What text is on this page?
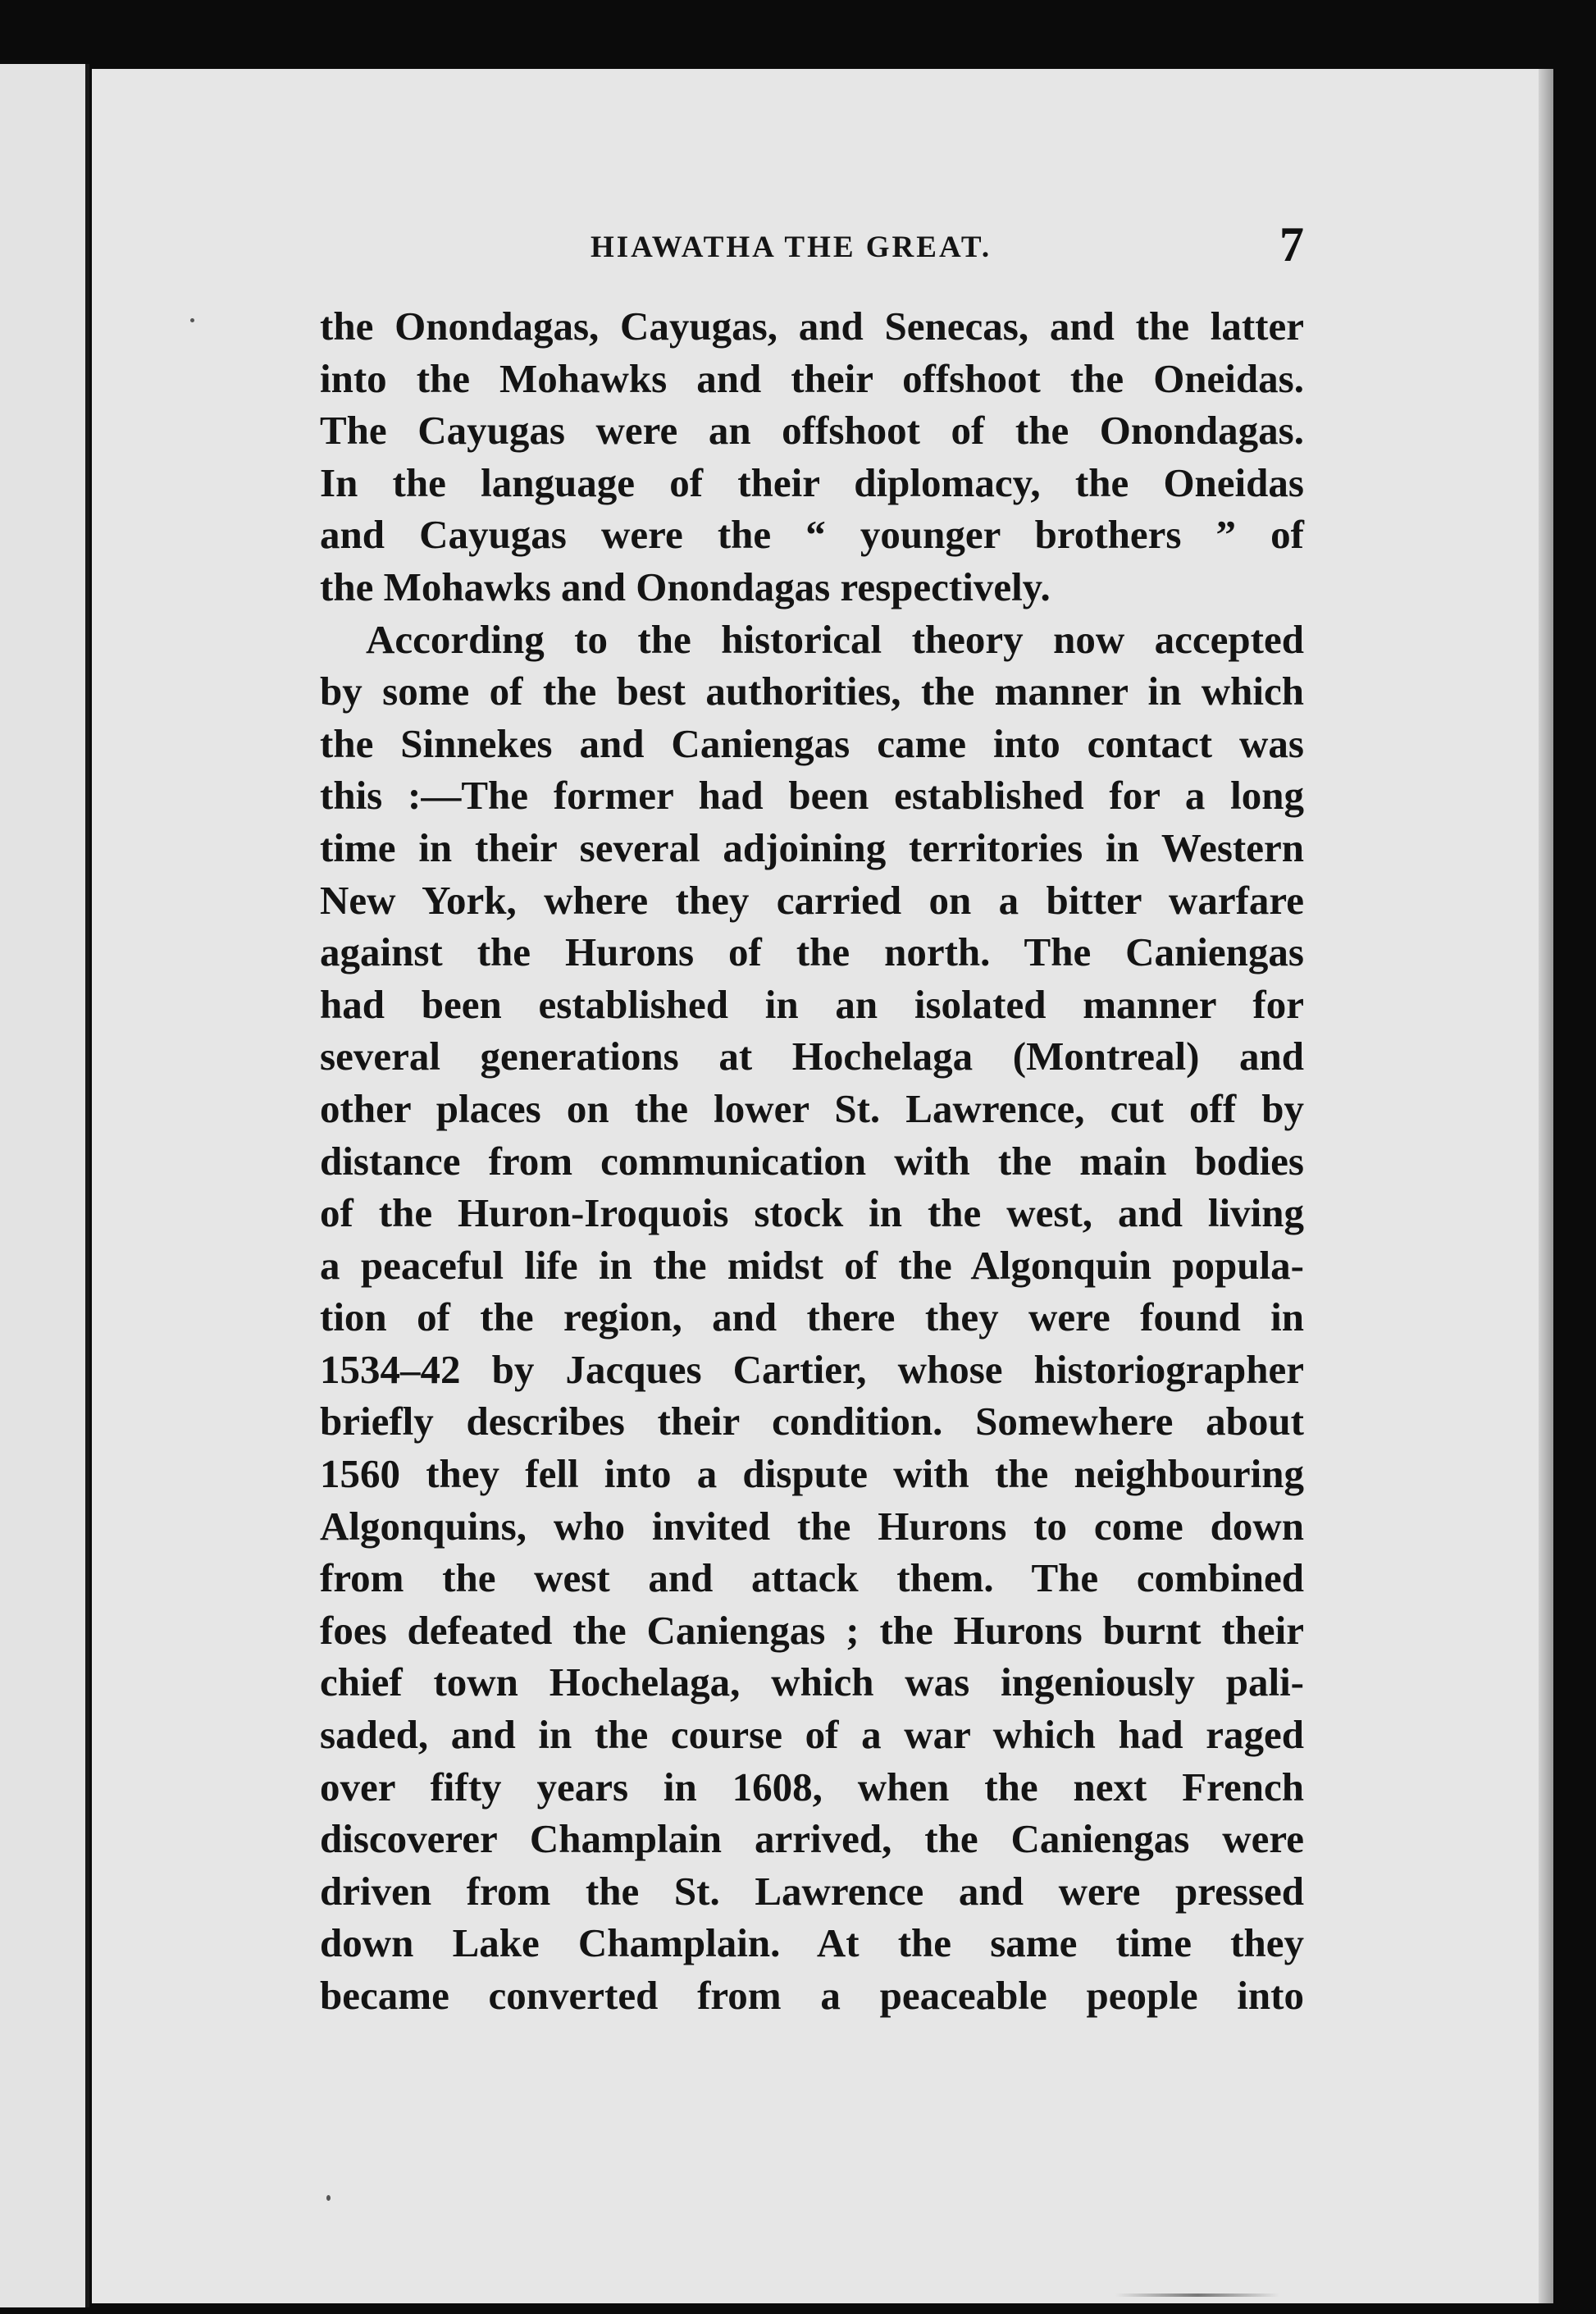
HIAWATHA THE GREAT.	7
the Onondagas, Cayugas, and Senecas, and the latter
into the Mohawks and their offshoot the Oneidas.
The Cayugas were an offshoot of the Onondagas.
In the language of their diplomacy, the Oneidas
and Cayugas were the “ younger brothers ” of
the Mohawks and Onondagas respectively.
According to the historical theory now accepted
by some of the best authorities, the manner in which
the Sinnekes and Caniengas came into contact was
this :—The former had been established for a long
time in their several adjoining territories in Western
New York, where they carried on a bitter warfare
against the Hurons of the north. The Caniengas
had been established in an isolated manner for
several generations at Hochelaga (Montreal) and
other places on the lower St. Lawrence, cut off by
distance from communication with the main bodies
of the Huron-Iroquois stock in the west, and living
a peaceful life in the midst of the Algonquin popula-
tion of the region, and there they were found in
1534–42 by Jacques Cartier, whose historiographer
briefly describes their condition. Somewhere about
1560 they fell into a dispute with the neighbouring
Algonquins, who invited the Hurons to come down
from the west and attack them. The combined
foes defeated the Caniengas ; the Hurons burnt their
chief town Hochelaga, which was ingeniously pali-
saded, and in the course of a war which had raged
over fifty years in 1608, when the next French
discoverer Champlain arrived, the Caniengas were
driven from the St. Lawrence and were pressed
down Lake Champlain. At the same time they
became converted from a peaceable people into
